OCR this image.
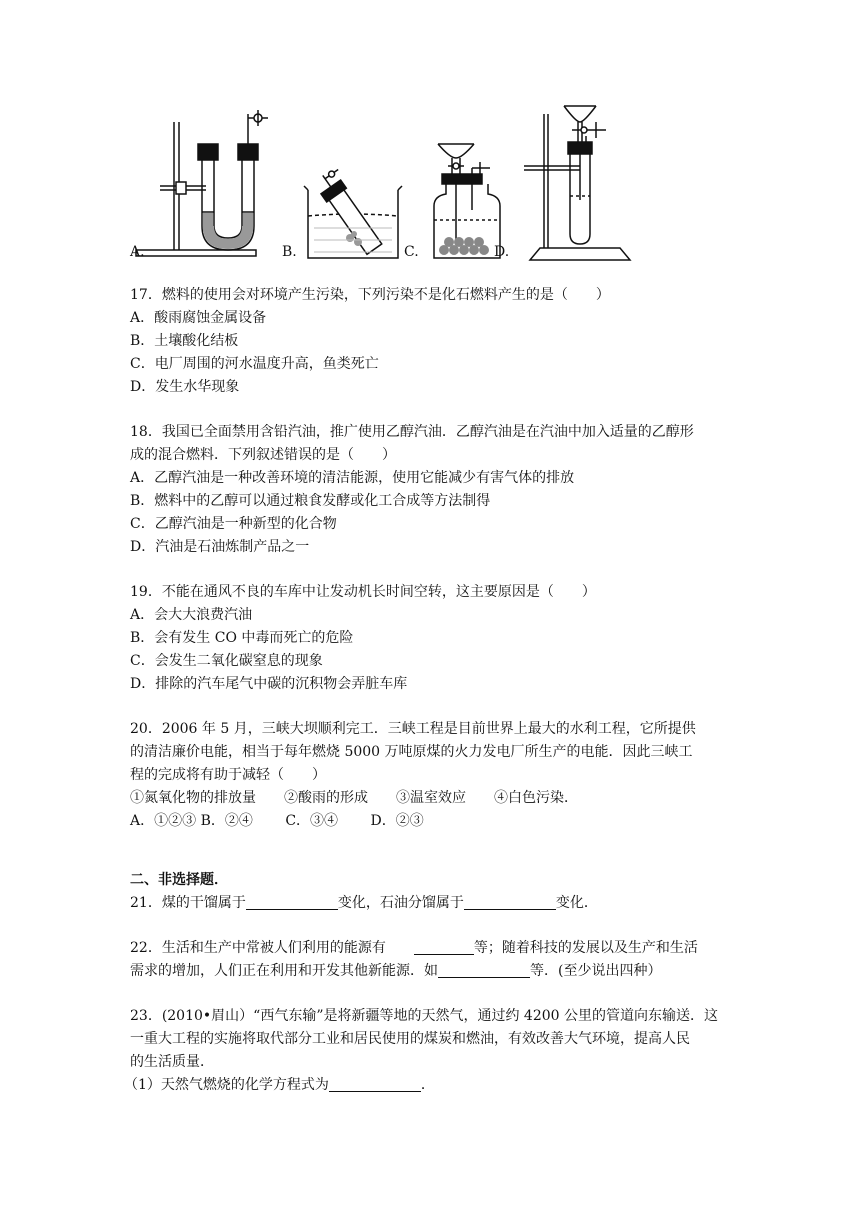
A.	B.	C.	D.
17．燃料的使用会对环境产生污染，下列污染不是化石燃料产生的是（　　）
A．酸雨腐蚀金属设备
B．土壤酸化结板
C．电厂周围的河水温度升高，鱼类死亡
D．发生水华现象
18．我国已全面禁用含铅汽油，推广使用乙醇汽油．乙醇汽油是在汽油中加入适量的乙醇形
成的混合燃料．下列叙述错误的是（　　）
A．乙醇汽油是一种改善环境的清洁能源，使用它能减少有害气体的排放
B．燃料中的乙醇可以通过粮食发酵或化工合成等方法制得
C．乙醇汽油是一种新型的化合物
D．汽油是石油炼制产品之一
19．不能在通风不良的车库中让发动机长时间空转，这主要原因是（　　）
A．会大大浪费汽油
B．会有发生 CO 中毒而死亡的危险
C．会发生二氧化碳窒息的现象
D．排除的汽车尾气中碳的沉积物会弄脏车库
20．2006 年 5 月，三峡大坝顺利完工．三峡工程是目前世界上最大的水利工程，它所提供
的清洁廉价电能，相当于每年燃烧 5000 万吨原煤的火力发电厂所生产的电能．因此三峡工
程的完成将有助于减轻（　　）
①氮氧化物的排放量 ②酸雨的形成 ③温室效应 ④白色污染．
A．①②③ B．②④ C．③④ D．②③
二、非选择题．
21．煤的干馏属于	变化，石油分馏属于	变化．
22．生活和生产中常被人们利用的能源有	等；随着科技的发展以及生产和生活
需求的增加，人们正在利用和开发其他新能源．如	等．(至少说出四种）
23．(2010•眉山）“西气东输”是将新疆等地的天然气，通过约 4200 公里的管道向东输送．这
一重大工程的实施将取代部分工业和居民使用的煤炭和燃油，有效改善大气环境，提高人民
的生活质量．
（1）天然气燃烧的化学方程式为	．
